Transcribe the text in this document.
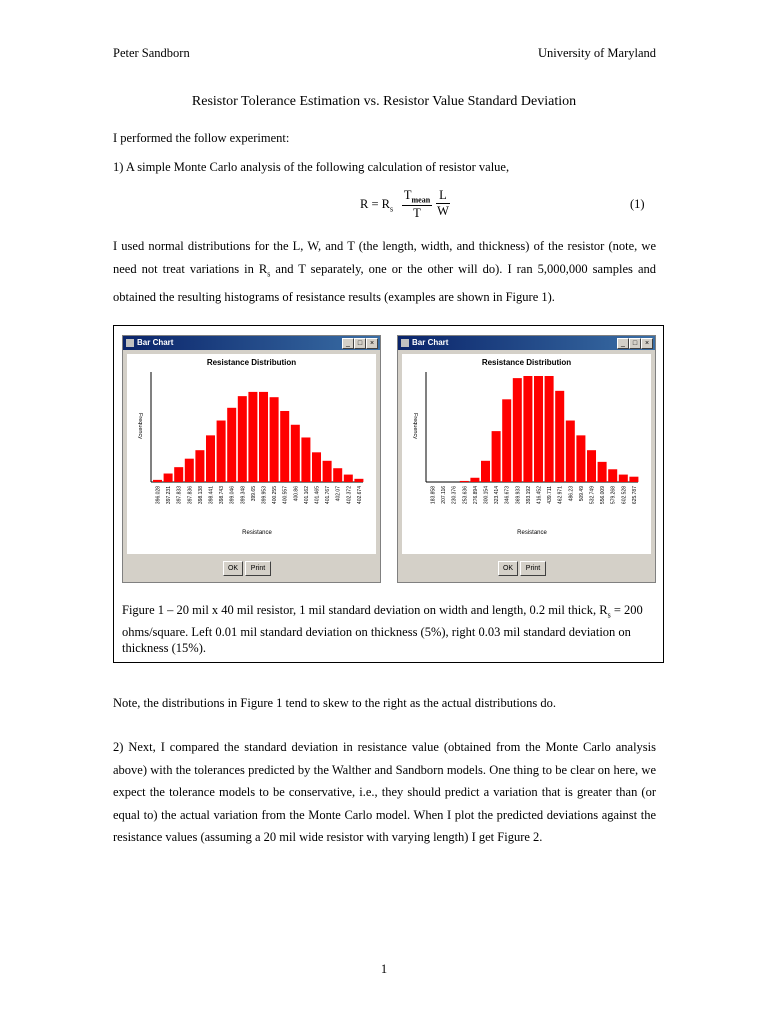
Peter Sandborn	University of Maryland
Resistor Tolerance Estimation vs. Resistor Value Standard Deviation
I performed the follow experiment:
1) A simple Monte Carlo analysis of the following calculation of resistor value,
$R = R_s$
$T_{mean}$
T
L
W	(1)
I used normal distributions for the L, W, and T (the length, width, and thickness) of the resistor (note, we need not treat variations in $R_s$ and T separately, one or the other will do). I ran 5,000,000 samples and obtained the resulting histograms of resistance results (examples are shown in Figure 1).
Bar Chart	_	□	×
Resistance Distribution
Frequency
396.028 397.231 397.833 397.836 398.138 398.441 398.743 399.046 399.348 399.65 399.953 400.255 400.557 400.86 401.162 401.465 401.767 402.07 402.372 402.674
Resistance
OK	Print
Bar Chart	_	□	×
Resistance Distribution
Frequency
183.858 207.116 230.376 253.636 276.894 300.154 323.414 346.673 369.933 393.192 416.452 439.711 462.971 486.23 509.49 532.749 556.009 579.268 602.528 625.787
Resistance
OK	Print
Figure 1 – 20 mil x 40 mil resistor, 1 mil standard deviation on width and length, 0.2 mil thick, $R_s = 200$ ohms/square. Left 0.01 mil standard deviation on thickness (5%), right 0.03 mil standard deviation on thickness (15%).
Note, the distributions in Figure 1 tend to skew to the right as the actual distributions do.
2) Next, I compared the standard deviation in resistance value (obtained from the Monte Carlo analysis above) with the tolerances predicted by the Walther and Sandborn models. One thing to be clear on here, we expect the tolerance models to be conservative, i.e., they should predict a variation that is greater than (or equal to) the actual variation from the Monte Carlo model. When I plot the predicted deviations against the resistance values (assuming a 20 mil wide resistor with varying length) I get Figure 2.
1
